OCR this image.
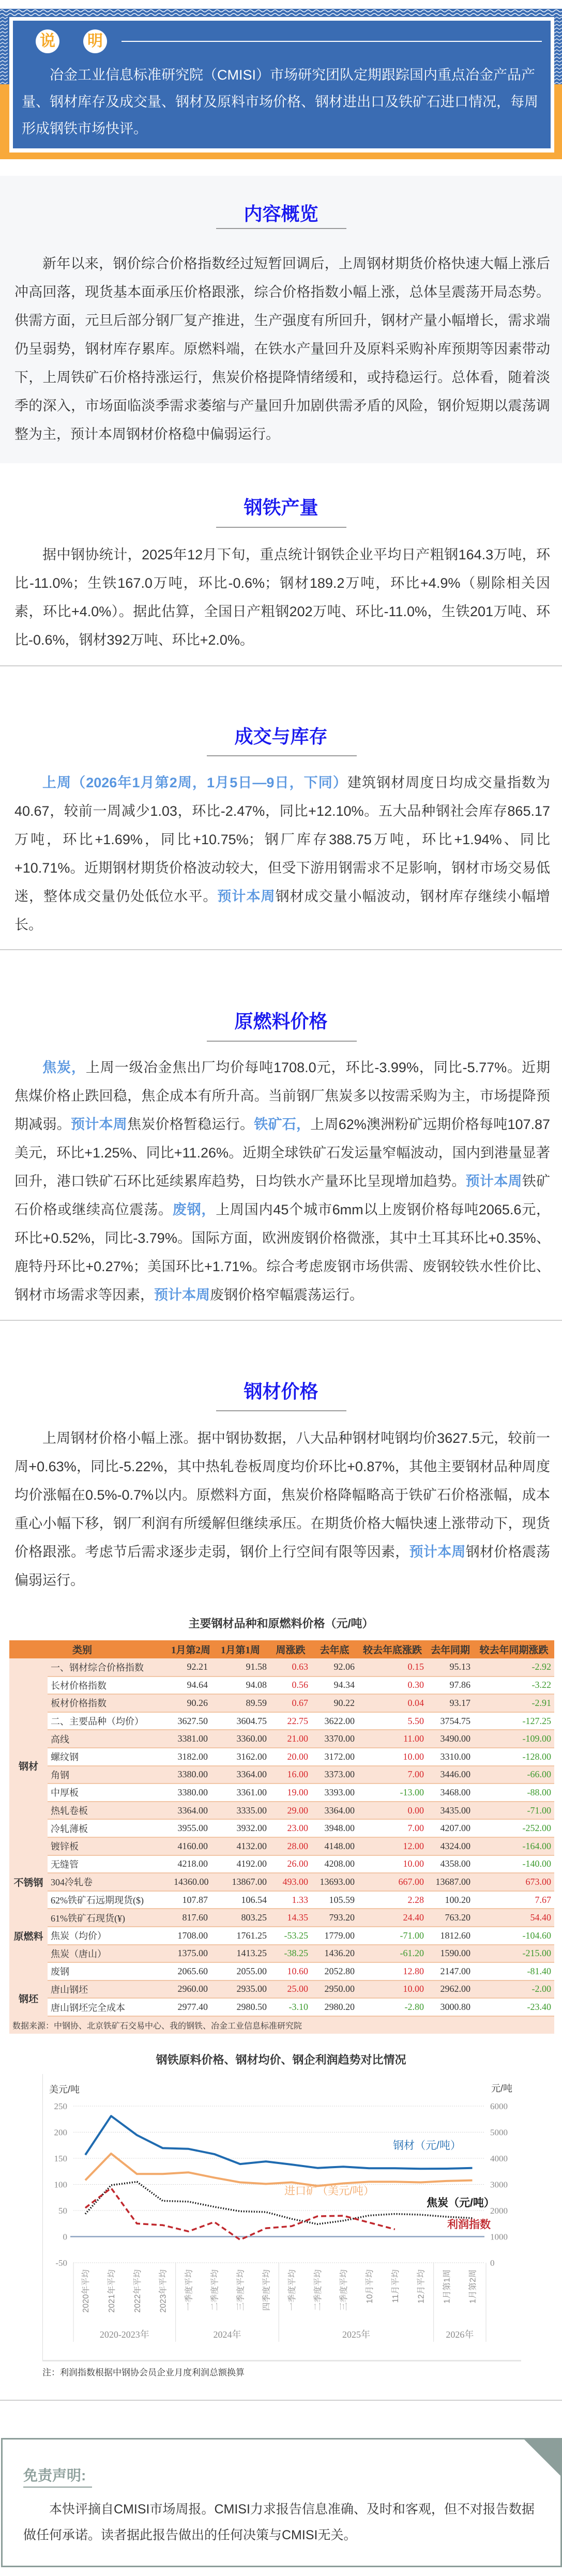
说 明
冶金工业信息标准研究院（CMISI）市场研究团队定期跟踪国内重点冶金产品产量、钢材库存及成交量、钢材及原料市场价格、钢材进出口及铁矿石进口情况，每周形成钢铁市场快评。
内容概览
新年以来，钢价综合价格指数经过短暂回调后，上周钢材期货价格快速大幅上涨后冲高回落，现货基本面承压价格跟涨，综合价格指数小幅上涨，总体呈震荡开局态势。供需方面，元旦后部分钢厂复产推进，生产强度有所回升，钢材产量小幅增长，需求端仍呈弱势，钢材库存累库。原燃料端，在铁水产量回升及原料采购补库预期等因素带动下，上周铁矿石价格持涨运行，焦炭价格提降情绪缓和，或持稳运行。总体看，随着淡季的深入，市场面临淡季需求萎缩与产量回升加剧供需矛盾的风险，钢价短期以震荡调整为主，预计本周钢材价格稳中偏弱运行。
钢铁产量
据中钢协统计，2025年12月下旬，重点统计钢铁企业平均日产粗钢164.3万吨，环比-11.0%；生铁167.0万吨，环比-0.6%；钢材189.2万吨，环比+4.9%（剔除相关因素，环比+4.0%）。据此估算，全国日产粗钢202万吨、环比-11.0%，生铁201万吨、环比-0.6%，钢材392万吨、环比+2.0%。
成交与库存
上周（2026年1月第2周，1月5日—9日，下同）建筑钢材周度日均成交量指数为40.67，较前一周减少1.03，环比-2.47%，同比+12.10%。五大品种钢社会库存865.17万吨，环比+1.69%，同比+10.75%；钢厂库存388.75万吨，环比+1.94%、同比+10.71%。近期钢材期货价格波动较大，但受下游用钢需求不足影响，钢材市场交易低迷，整体成交量仍处低位水平。预计本周钢材成交量小幅波动，钢材库存继续小幅增长。
原燃料价格
焦炭，上周一级冶金焦出厂均价每吨1708.0元，环比-3.99%，同比-5.77%。近期焦煤价格止跌回稳，焦企成本有所升高。当前钢厂焦炭多以按需采购为主，市场提降预期减弱。预计本周焦炭价格暂稳运行。铁矿石，上周62%澳洲粉矿远期价格每吨107.87美元，环比+1.25%、同比+11.26%。近期全球铁矿石发运量窄幅波动，国内到港量显著回升，港口铁矿石环比延续累库趋势，日均铁水产量环比呈现增加趋势。预计本周铁矿石价格或继续高位震荡。废钢，上周国内45个城市6mm以上废钢价格每吨2065.6元，环比+0.52%，同比-3.79%。国际方面，欧洲废钢价格微涨，其中土耳其环比+0.35%、鹿特丹环比+0.27%；美国环比+1.71%。综合考虑废钢市场供需、废钢较铁水性价比、钢材市场需求等因素，预计本周废钢价格窄幅震荡运行。
钢材价格
上周钢材价格小幅上涨。据中钢协数据，八大品种钢材吨钢均价3627.5元，较前一周+0.63%，同比-5.22%，其中热轧卷板周度均价环比+0.87%，其他主要钢材品种周度均价涨幅在0.5%-0.7%以内。原燃料方面，焦炭价格降幅略高于铁矿石价格涨幅，成本重心小幅下移，钢厂利润有所缓解但继续承压。在期货价格大幅快速上涨带动下，现货价格跟涨。考虑节后需求逐步走弱，钢价上行空间有限等因素，预计本周钢材价格震荡偏弱运行。
主要钢材品种和原燃料价格（元/吨）
类别		1月第2周	1月第1周	周涨跌	去年底	较去年底涨跌	去年同期	较去年同期涨跌
钢材	一、钢材综合价格指数	92.21	91.58	0.63	92.06	0.15	95.13	-2.92
	长材价格指数	94.64	94.08	0.56	94.34	0.30	97.86	-3.22
	板材价格指数	90.26	89.59	0.67	90.22	0.04	93.17	-2.91
	二、主要品种（均价）	3627.50	3604.75	22.75	3622.00	5.50	3754.75	-127.25
	高线	3381.00	3360.00	21.00	3370.00	11.00	3490.00	-109.00
	螺纹钢	3182.00	3162.00	20.00	3172.00	10.00	3310.00	-128.00
	角钢	3380.00	3364.00	16.00	3373.00	7.00	3446.00	-66.00
	中厚板	3380.00	3361.00	19.00	3393.00	-13.00	3468.00	-88.00
	热轧卷板	3364.00	3335.00	29.00	3364.00	0.00	3435.00	-71.00
	冷轧薄板	3955.00	3932.00	23.00	3948.00	7.00	4207.00	-252.00
	镀锌板	4160.00	4132.00	28.00	4148.00	12.00	4324.00	-164.00
	无缝管	4218.00	4192.00	26.00	4208.00	10.00	4358.00	-140.00
不锈钢	304冷轧卷	14360.00	13867.00	493.00	13693.00	667.00	13687.00	673.00
原燃料	62%铁矿石远期现货($)	107.87	106.54	1.33	105.59	2.28	100.20	7.67
	61%铁矿石现货(¥)	817.60	803.25	14.35	793.20	24.40	763.20	54.40
	焦炭（均价）	1708.00	1761.25	-53.25	1779.00	-71.00	1812.60	-104.60
	焦炭（唐山）	1375.00	1413.25	-38.25	1436.20	-61.20	1590.00	-215.00
	废钢	2065.60	2055.00	10.60	2052.80	12.80	2147.00	-81.40
钢坯	唐山钢坯	2960.00	2935.00	25.00	2950.00	10.00	2962.00	-2.00
	唐山钢坯完全成本	2977.40	2980.50	-3.10	2980.20	-2.80	3000.80	-23.40
数据来源：中钢协、北京铁矿石交易中心、我的钢铁、冶金工业信息标准研究院								
钢铁原料价格、钢材均价、钢企利润趋势对比情况
250	6000
200	5000
150	4000
100	3000
50	2000
0	1000
-50	0
美元/吨	元/吨
钢材（元/吨）
进口矿（美元/吨）
焦炭（元/吨）
利润指数
2020年平均 2021年平均 2022年平均 2023年平均 一季度平均 二季度平均 三季度平均 四季度平均 一季度平均 二季度平均 三季度平均 10月平均 11月平均 12月平均 1月第1周 1月第2周
2020-2023年	2024年	2025年	2026年
注：利润指数根据中钢协会员企业月度利润总额换算
免责声明:
本快评摘自CMISI市场周报。CMISI力求报告信息准确、及时和客观，但不对报告数据做任何承诺。读者据此报告做出的任何决策与CMISI无关。
